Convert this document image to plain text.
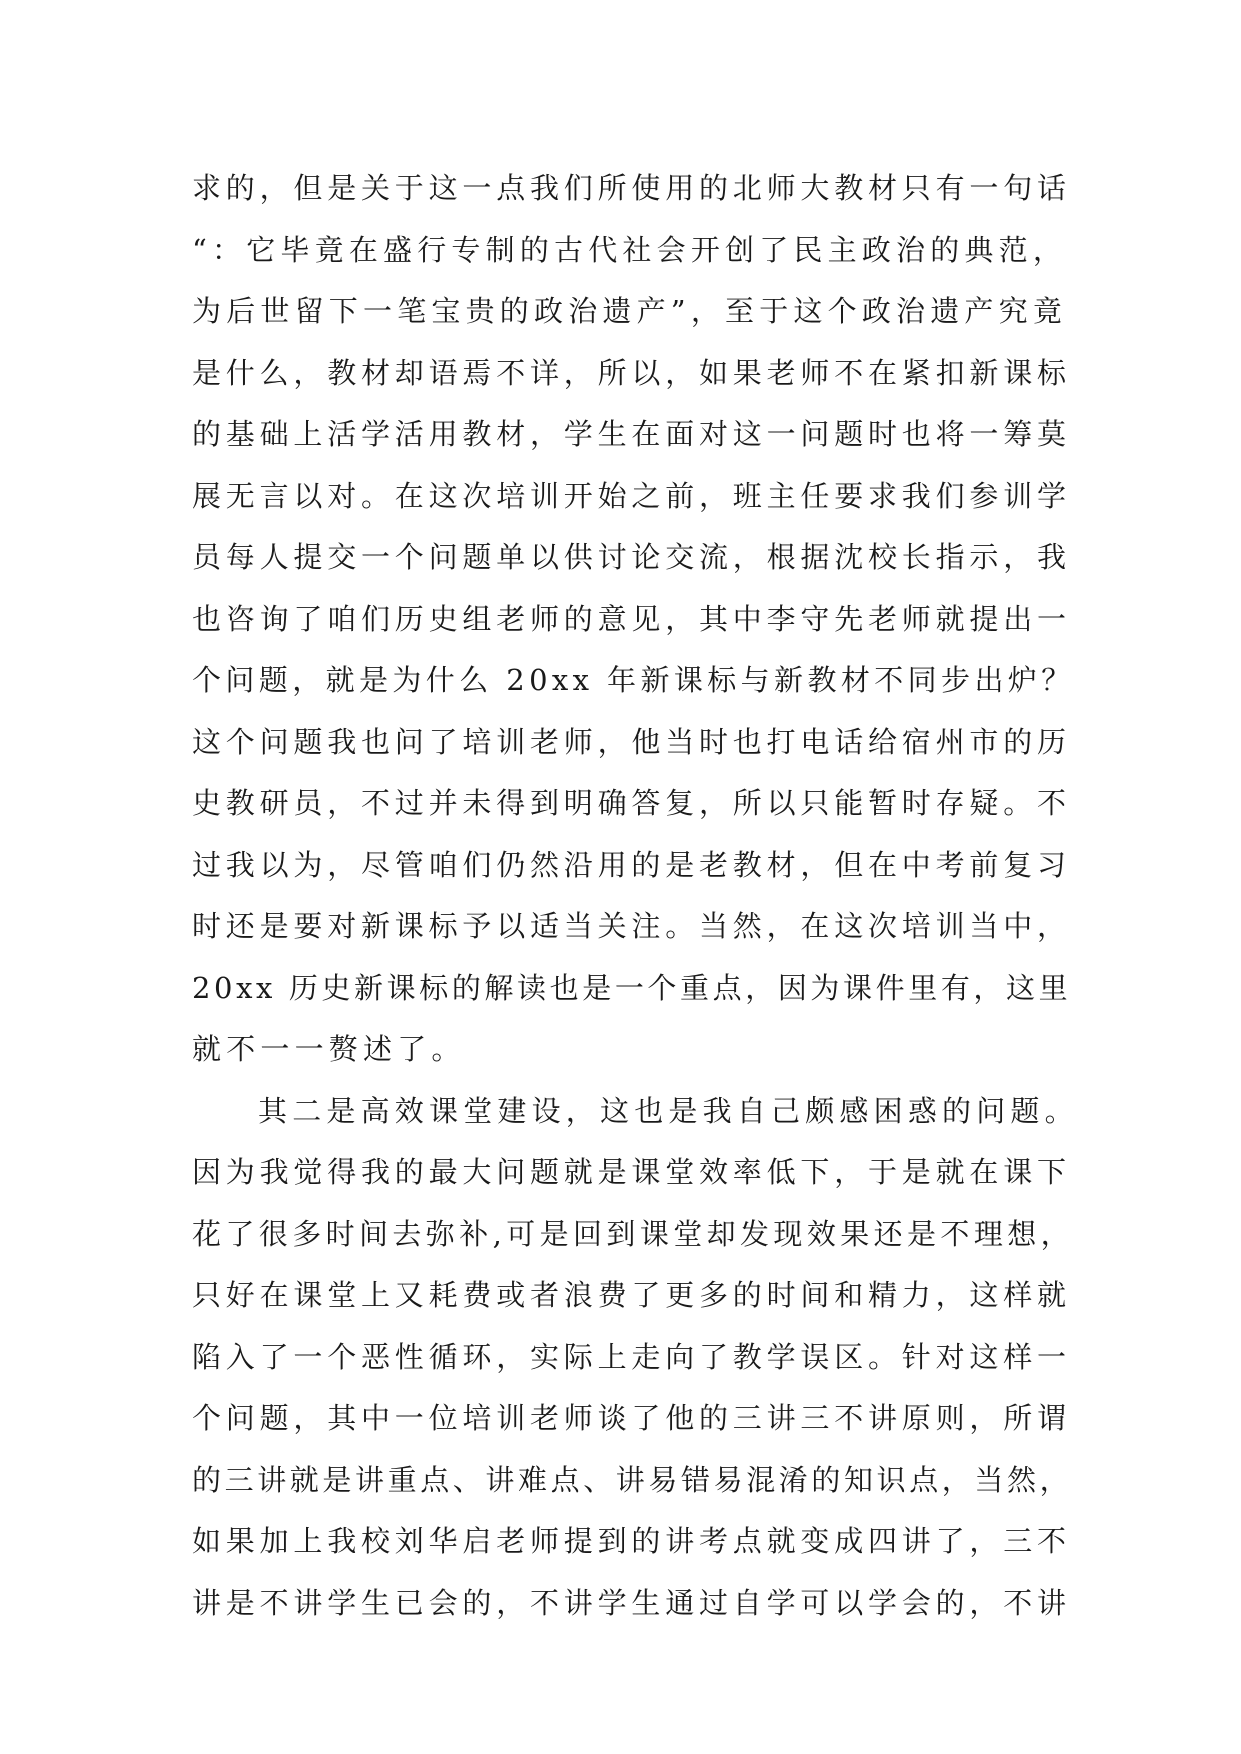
求的，但是关于这一点我们所使用的北师大教材只有一句话
“：它毕竟在盛行专制的古代社会开创了民主政治的典范，
为后世留下一笔宝贵的政治遗产”，至于这个政治遗产究竟
是什么，教材却语焉不详，所以，如果老师不在紧扣新课标
的基础上活学活用教材，学生在面对这一问题时也将一筹莫
展无言以对。在这次培训开始之前，班主任要求我们参训学
员每人提交一个问题单以供讨论交流，根据沈校长指示，我
也咨询了咱们历史组老师的意见，其中李守先老师就提出一
个问题，就是为什么 20xx 年新课标与新教材不同步出炉？
这个问题我也问了培训老师，他当时也打电话给宿州市的历
史教研员，不过并未得到明确答复，所以只能暂时存疑。不
过我以为，尽管咱们仍然沿用的是老教材，但在中考前复习
时还是要对新课标予以适当关注。当然，在这次培训当中，
20xx 历史新课标的解读也是一个重点，因为课件里有，这里
就不一一赘述了。
其二是高效课堂建设，这也是我自己颇感困惑的问题。
因为我觉得我的最大问题就是课堂效率低下，于是就在课下
花了很多时间去弥补,可是回到课堂却发现效果还是不理想，
只好在课堂上又耗费或者浪费了更多的时间和精力，这样就
陷入了一个恶性循环，实际上走向了教学误区。针对这样一
个问题，其中一位培训老师谈了他的三讲三不讲原则，所谓
的三讲就是讲重点、讲难点、讲易错易混淆的知识点，当然，
如果加上我校刘华启老师提到的讲考点就变成四讲了，三不
讲是不讲学生已会的，不讲学生通过自学可以学会的，不讲
